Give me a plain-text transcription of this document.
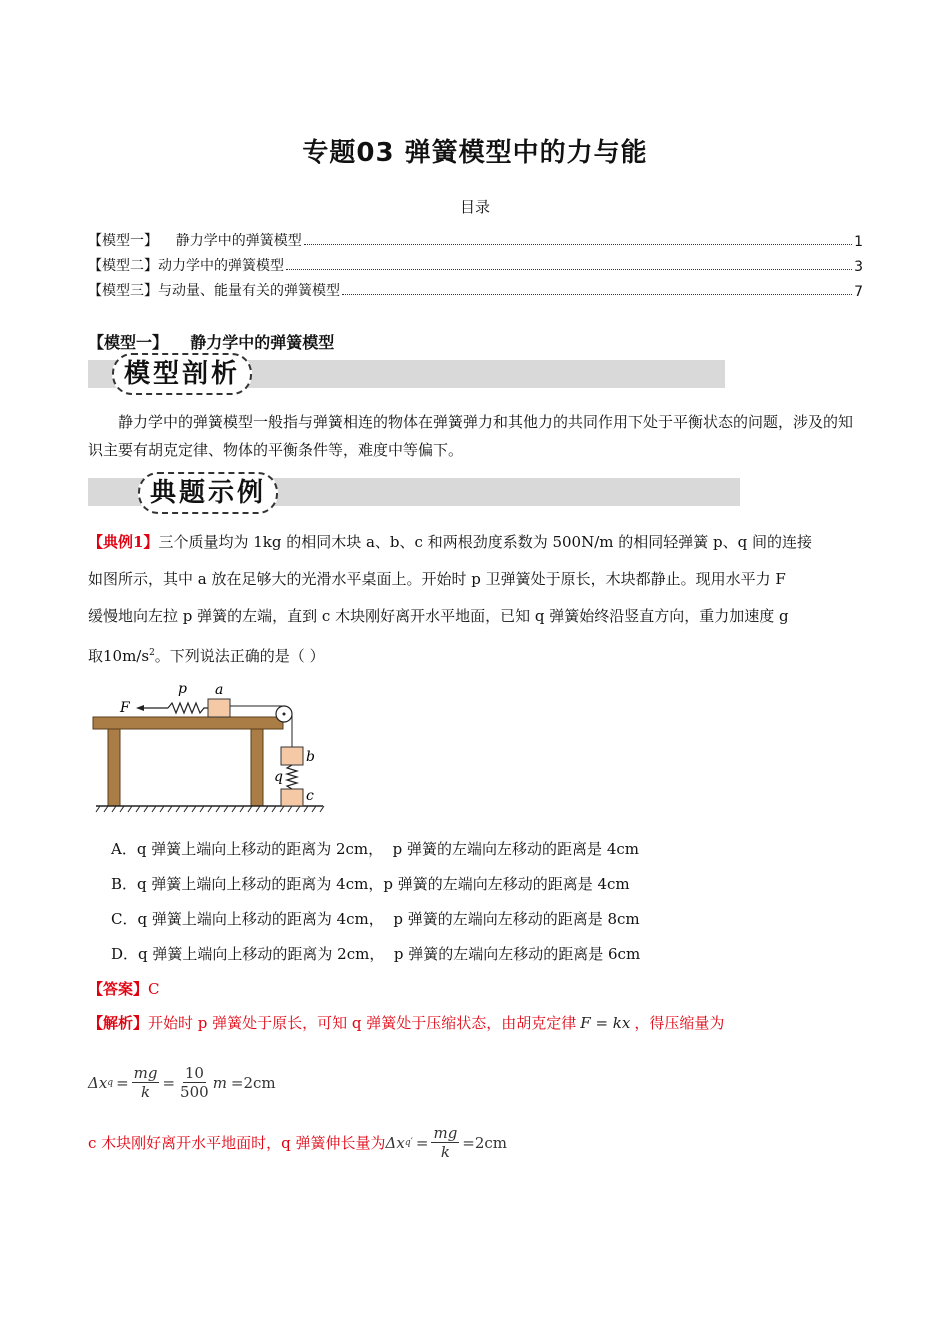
专题03 弹簧模型中的力与能
目录
【模型一】    静力学中的弹簧模型	1
【模型二】动力学中的弹簧模型	3
【模型三】与动量、能量有关的弹簧模型	7
【模型一】    静力学中的弹簧模型
模型剖析
静力学中的弹簧模型一般指与弹簧相连的物体在弹簧弹力和其他力的共同作用下处于平衡状态的问题，涉及的知识主要有胡克定律、物体的平衡条件等，难度中等偏下。
典题示例
【典例1】三个质量均为 1kg 的相同木块 a、b、c 和两根劲度系数为 500N/m 的相同轻弹簧 p、q 间的连接
如图所示，其中 a 放在足够大的光滑水平桌面上。开始时 p 卫弹簧处于原长，木块都静止。现用水平力 F
缓慢地向左拉 p 弹簧的左端，直到 c 木块刚好离开水平地面，已知 q 弹簧始终沿竖直方向，重力加速度 g
取$10m/s^2$。下列说法正确的是（ ）
F
p a
b
q
c
A．q 弹簧上端向上移动的距离为 2cm，  p 弹簧的左端向左移动的距离是 4cm
B．q 弹簧上端向上移动的距离为 4cm，p 弹簧的左端向左移动的距离是 4cm
C．q 弹簧上端向上移动的距离为 4cm，  p 弹簧的左端向左移动的距离是 8cm
D．q 弹簧上端向上移动的距离为 2cm，  p 弹簧的左端向左移动的距离是 6cm
【答案】C
【解析】开始时 p 弹簧处于原长，可知 q 弹簧处于压缩状态，由胡克定律 F = kx ，得压缩量为
Δx $q = \frac{mg}{k} = \frac{10}{500}$ m =2cm
c 木块刚好离开水平地面时，q 弹簧伸长量为 Δx q ′ = $\frac{mg}{k} =2cm$
